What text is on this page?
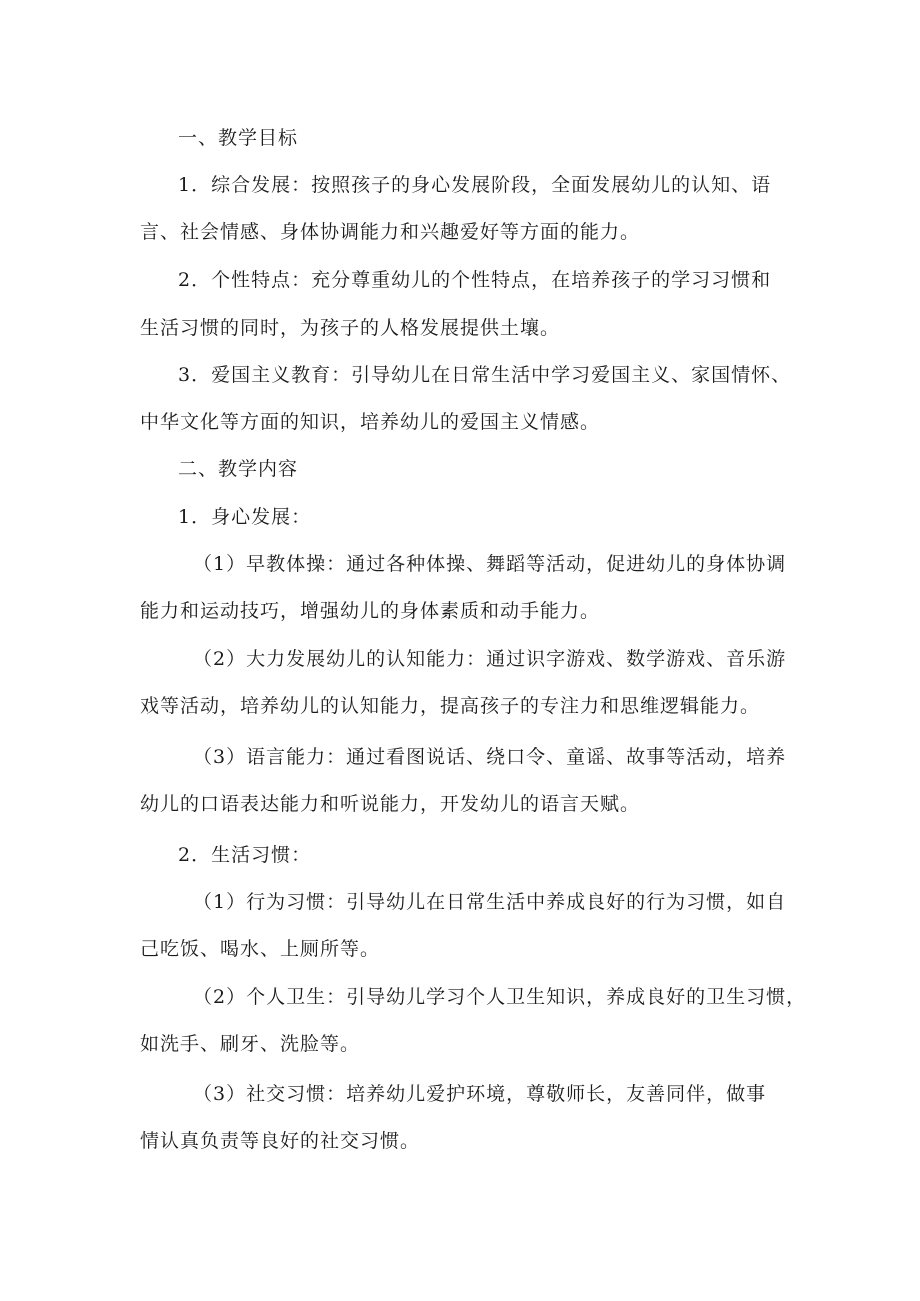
一、教学目标
1．综合发展：按照孩子的身心发展阶段，全面发展幼儿的认知、语
言、社会情感、身体协调能力和兴趣爱好等方面的能力。
2．个性特点：充分尊重幼儿的个性特点，在培养孩子的学习习惯和
生活习惯的同时，为孩子的人格发展提供土壤。
3．爱国主义教育：引导幼儿在日常生活中学习爱国主义、家国情怀、
中华文化等方面的知识，培养幼儿的爱国主义情感。
二、教学内容
1．身心发展：
（1）早教体操：通过各种体操、舞蹈等活动，促进幼儿的身体协调
能力和运动技巧，增强幼儿的身体素质和动手能力。
（2）大力发展幼儿的认知能力：通过识字游戏、数学游戏、音乐游
戏等活动，培养幼儿的认知能力，提高孩子的专注力和思维逻辑能力。
（3）语言能力：通过看图说话、绕口令、童谣、故事等活动，培养
幼儿的口语表达能力和听说能力，开发幼儿的语言天赋。
2．生活习惯：
（1）行为习惯：引导幼儿在日常生活中养成良好的行为习惯，如自
己吃饭、喝水、上厕所等。
（2）个人卫生：引导幼儿学习个人卫生知识，养成良好的卫生习惯，
如洗手、刷牙、洗脸等。
（3）社交习惯：培养幼儿爱护环境，尊敬师长，友善同伴，做事
情认真负责等良好的社交习惯。
